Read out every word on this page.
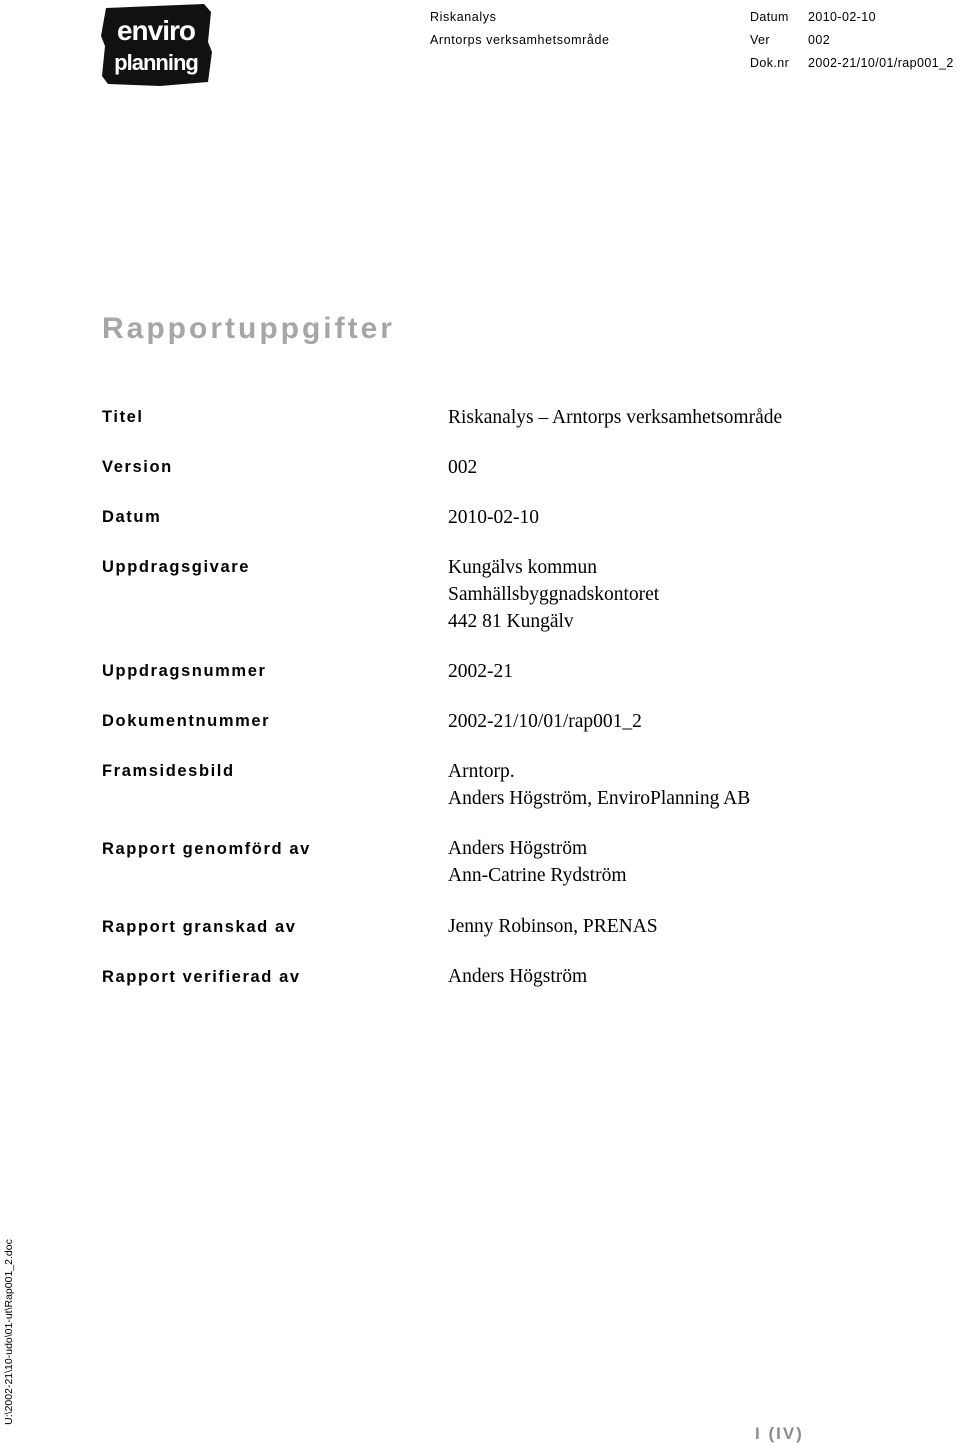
enviro
planning
Riskanalys
Arntorps verksamhetsområde
Datum 2010-02-10
Ver	002
Dok.nr 2002-21/10/01/rap001_2
Rapportuppgifter
Titel	Riskanalys – Arntorps verksamhetsområde
Version	002
Datum	2010-02-10
Uppdragsgivare	Kungälvs kommun
Samhällsbyggnadskontoret
442 81 Kungälv
Uppdragsnummer	2002-21
Dokumentnummer	2002-21/10/01/rap001_2
Framsidesbild	Arntorp.
Anders Högström, EnviroPlanning AB
Rapport genomförd av	Anders Högström
Ann-Catrine Rydström
Rapport granskad av	Jenny Robinson, PRENAS
Rapport verifierad av	Anders Högström
U:\2002-21\10-udo\01-ut\Rap001_2.doc
I (IV)
